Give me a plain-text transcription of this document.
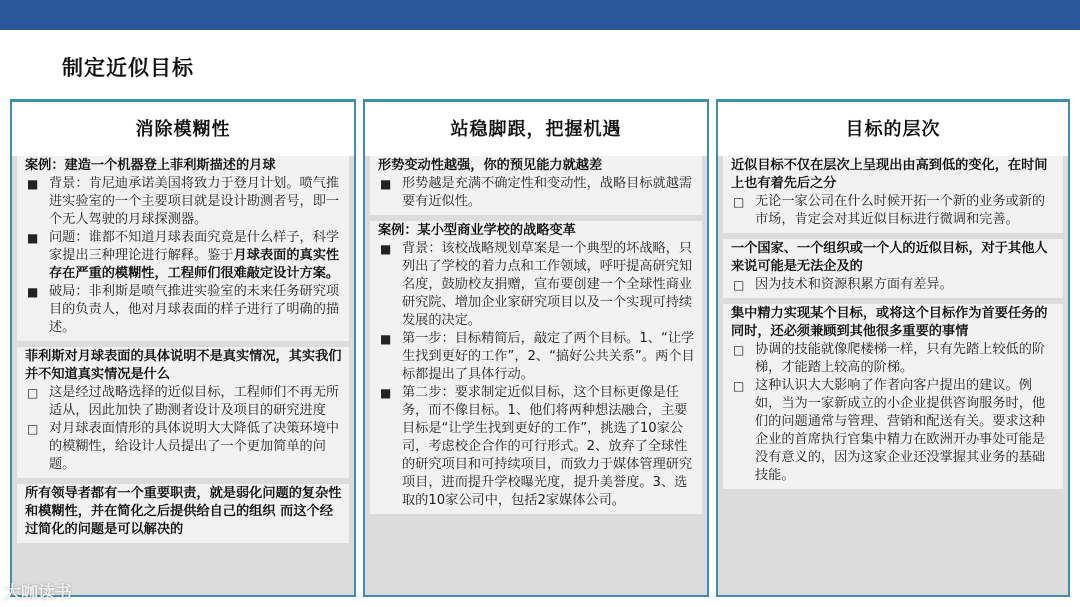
制定近似目标
消除模糊性
案例：建造一个机器登上菲利斯描述的月球
■ 背景：肯尼迪承诺美国将致力于登月计划。喷气推进实验室的一个主要项目就是设计勘测者号，即一个无人驾驶的月球探测器。
■ 问题：谁都不知道月球表面究竟是什么样子，科学家提出三种理论进行解释。鉴于月球表面的真实性存在严重的模糊性，工程师们很难敲定设计方案。
■ 破局：非利斯是喷气推进实验室的未来任务研究项目的负责人，他对月球表面的样子进行了明确的描述。
菲利斯对月球表面的具体说明不是真实情况，其实我们并不知道真实情况是什么
□ 这是经过战略选择的近似目标，工程师们不再无所适从，因此加快了勘测者设计及项目的研究进度
□ 对月球表面情形的具体说明大大降低了决策环境中的模糊性，给设计人员提出了一个更加简单的问题。
所有领导者都有一个重要职责，就是弱化问题的复杂性和模糊性，并在简化之后提供给自己的组织 而这个经过简化的问题是可以解决的
站稳脚跟，把握机遇
形势变动性越强，你的预见能力就越差
■ 形势越是充满不确定性和变动性，战略目标就越需要有近似性。
案例：某小型商业学校的战略变革
■ 背景：该校战略规划草案是一个典型的坏战略，只列出了学校的着力点和工作领域，呼吁提高研究知名度，鼓励校友捐赠，宣布要创建一个全球性商业研究院、增加企业家研究项目以及一个实现可持续发展的决定。
■ 第一步：目标精简后，敲定了两个目标。1、“让学生找到更好的工作”，2、“搞好公共关系”。两个目标都提出了具体行动。
■ 第二步：要求制定近似目标，这个目标更像是任务，而不像目标。1、他们将两种想法融合，主要目标是“让学生找到更好的工作”，挑选了10家公司，考虑校企合作的可行形式。2、放弃了全球性的研究项目和可持续项目，而致力于媒体管理研究项目，进而提升学校曝光度，提升美誉度。3、选取的10家公司中，包括2家媒体公司。
目标的层次
近似目标不仅在层次上呈现出由高到低的变化，在时间上也有着先后之分
□ 无论一家公司在什么时候开拓一个新的业务或新的市场，肯定会对其近似目标进行微调和完善。
一个国家、一个组织或一个人的近似目标，对于其他人来说可能是无法企及的
□ 因为技术和资源积累方面有差异。
集中精力实现某个目标，或将这个目标作为首要任务的同时，还必须兼顾到其他很多重要的事情
□ 协调的技能就像爬楼梯一样，只有先踏上较低的阶梯，才能踏上较高的阶梯。
□ 这种认识大大影响了作者向客户提出的建议。例如，当为一家新成立的小企业提供咨询服务时，他们的问题通常与管理、营销和配送有关。要求这种企业的首席执行官集中精力在欧洲开办事处可能是没有意义的，因为这家企业还没掌握其业务的基础技能。
大咖读书
